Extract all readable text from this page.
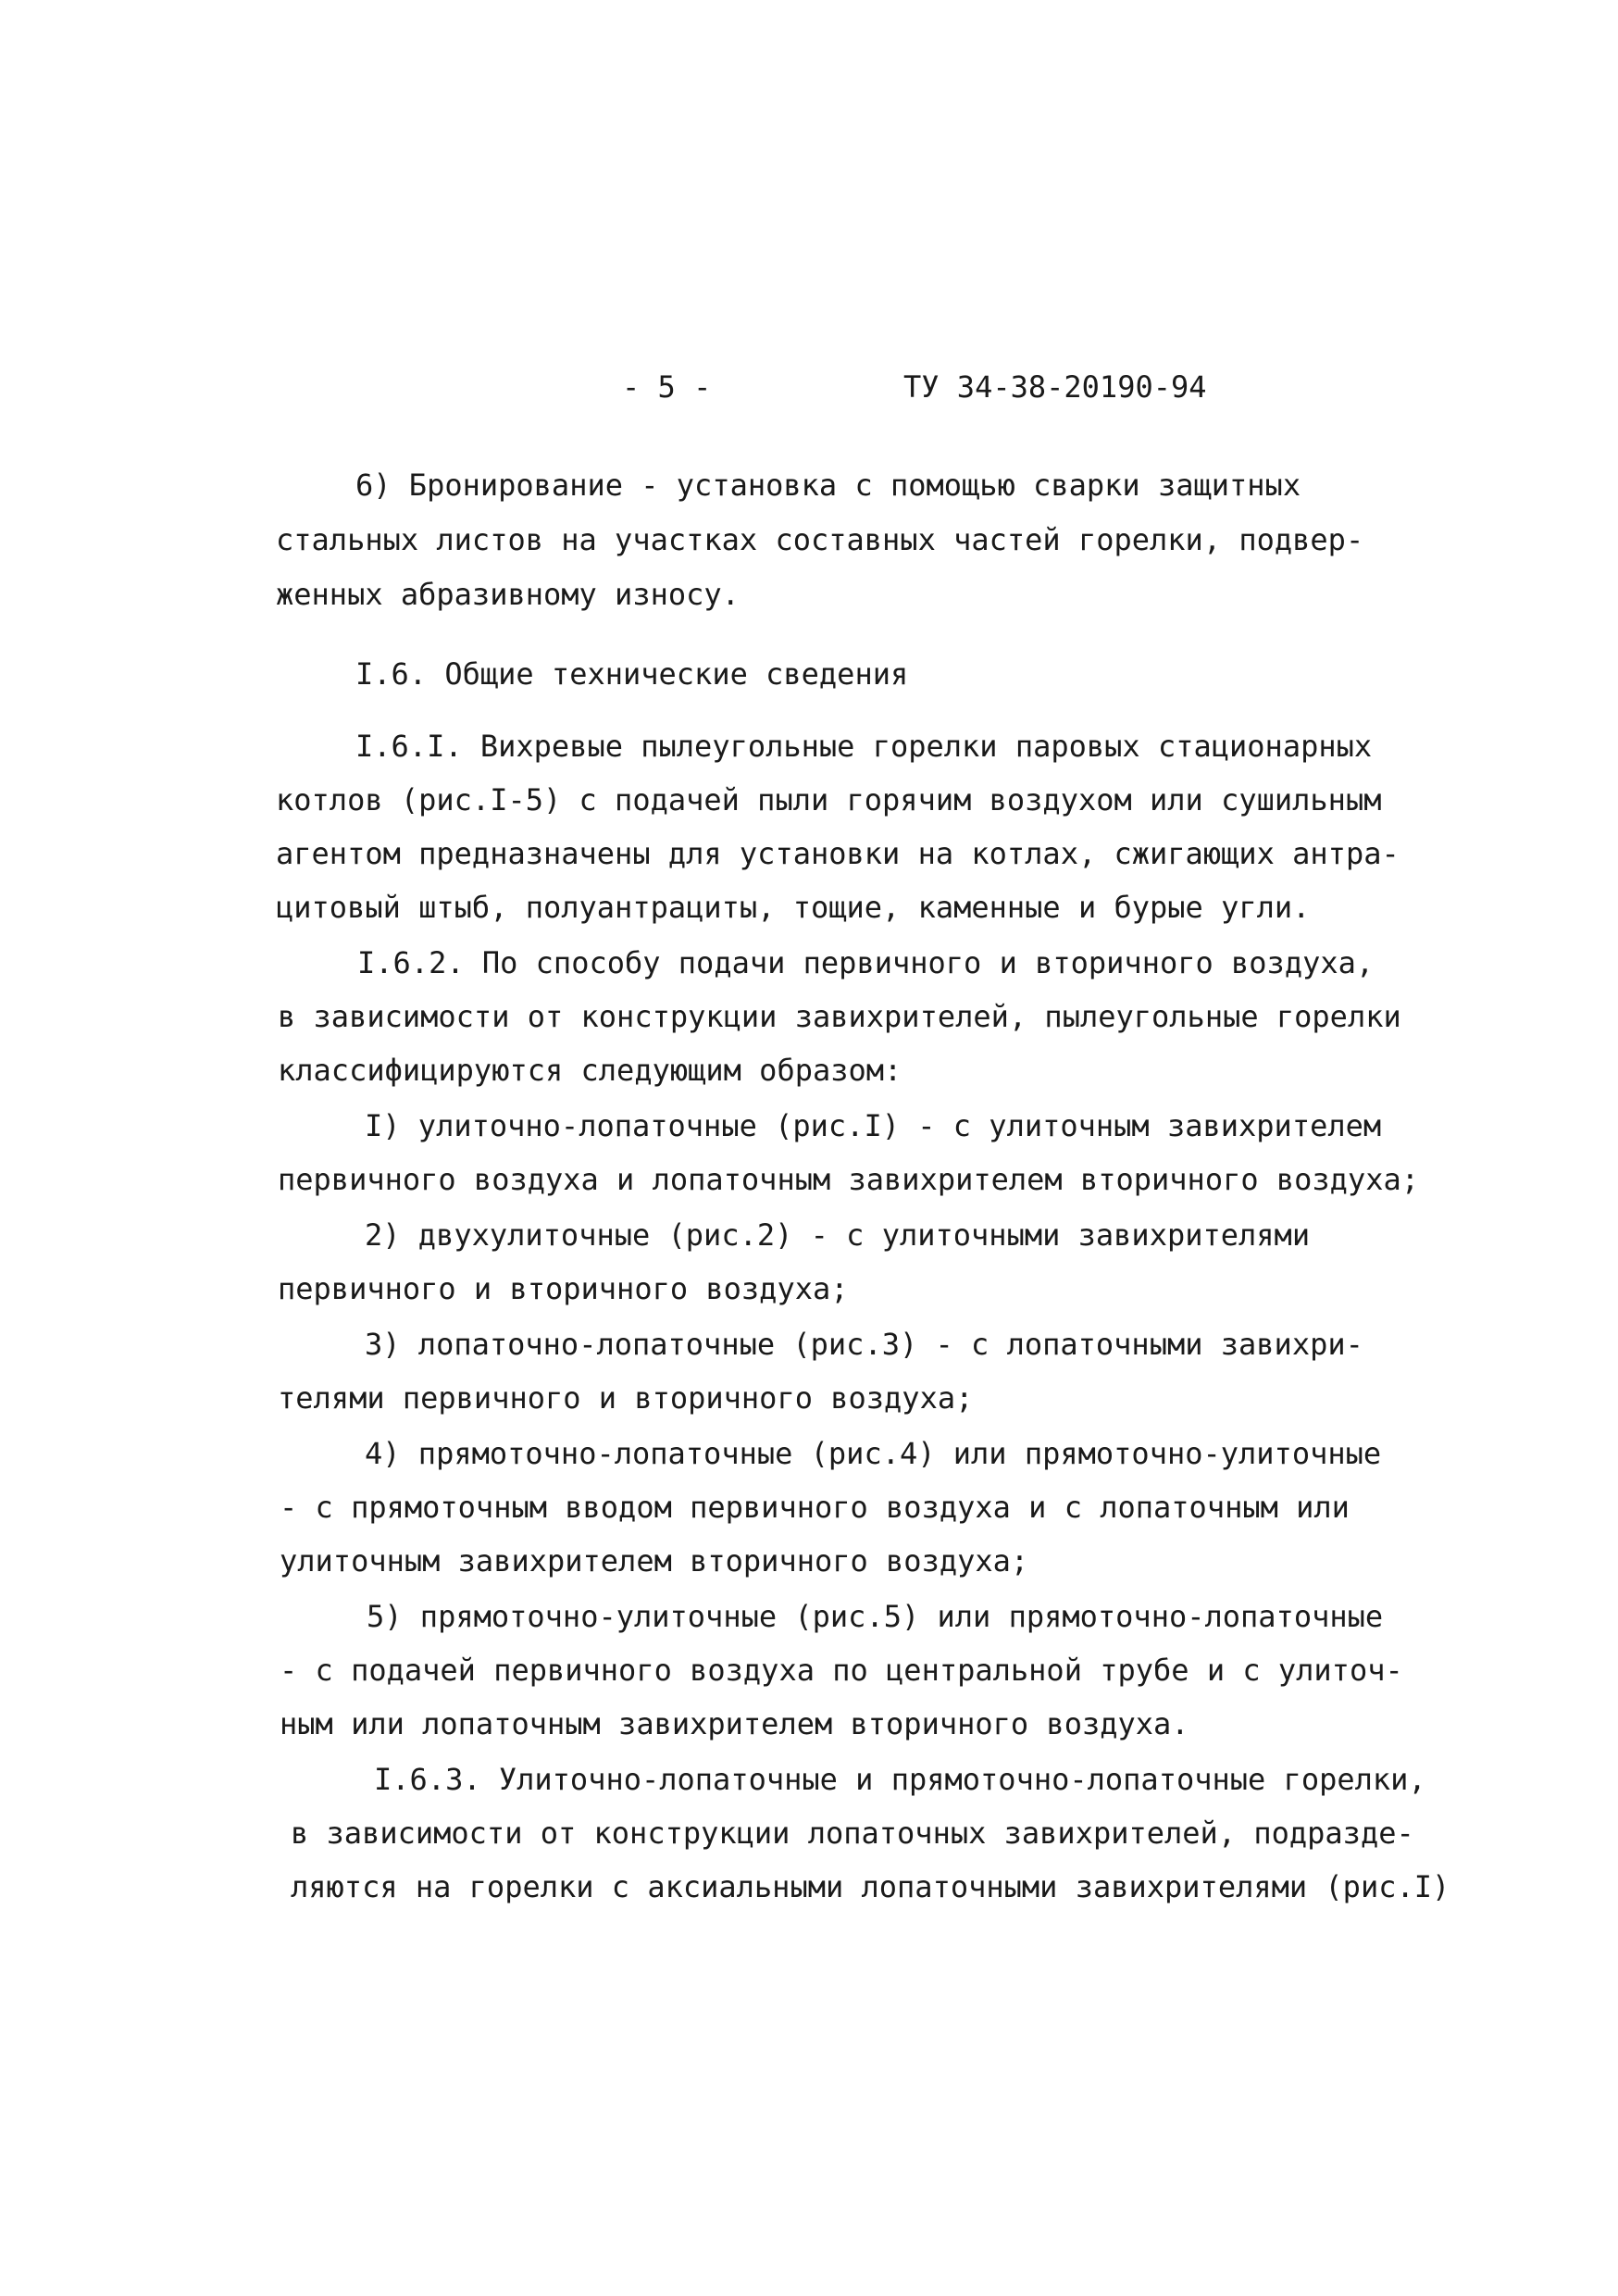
- 5 -	ТУ 34-38-20190-94
6) Бронирование - установка с помощью сварки защитных
стальных листов на участках составных частей горелки, подвер-
женных абразивному износу.
I.6. Общие технические сведения
I.6.I. Вихревые пылеугольные горелки паровых стационарных
котлов (рис.I-5) с подачей пыли горячим воздухом или сушильным
агентом предназначены для установки на котлах, сжигающих антра-
цитовый штыб, полуантрациты, тощие, каменные и бурые угли.
I.6.2. По способу подачи первичного и вторичного воздуха,
в зависимости от конструкции завихрителей, пылеугольные горелки
классифицируются следующим образом:
I) улиточно-лопаточные (рис.I) - с улиточным завихрителем
первичного воздуха и лопаточным завихрителем вторичного воздуха;
2) двухулиточные (рис.2) - с улиточными завихрителями
первичного и вторичного воздуха;
3) лопаточно-лопаточные (рис.3) - с лопаточными завихри-
телями первичного и вторичного воздуха;
4) прямоточно-лопаточные (рис.4) или прямоточно-улиточные
- с прямоточным вводом первичного воздуха и с лопаточным или
улиточным завихрителем вторичного воздуха;
5) прямоточно-улиточные (рис.5) или прямоточно-лопаточные
- с подачей первичного воздуха по центральной трубе и с улиточ-
ным или лопаточным завихрителем вторичного воздуха.
I.6.3. Улиточно-лопаточные и прямоточно-лопаточные горелки,
в зависимости от конструкции лопаточных завихрителей, подразде-
ляются на горелки с аксиальными лопаточными завихрителями (рис.I)
